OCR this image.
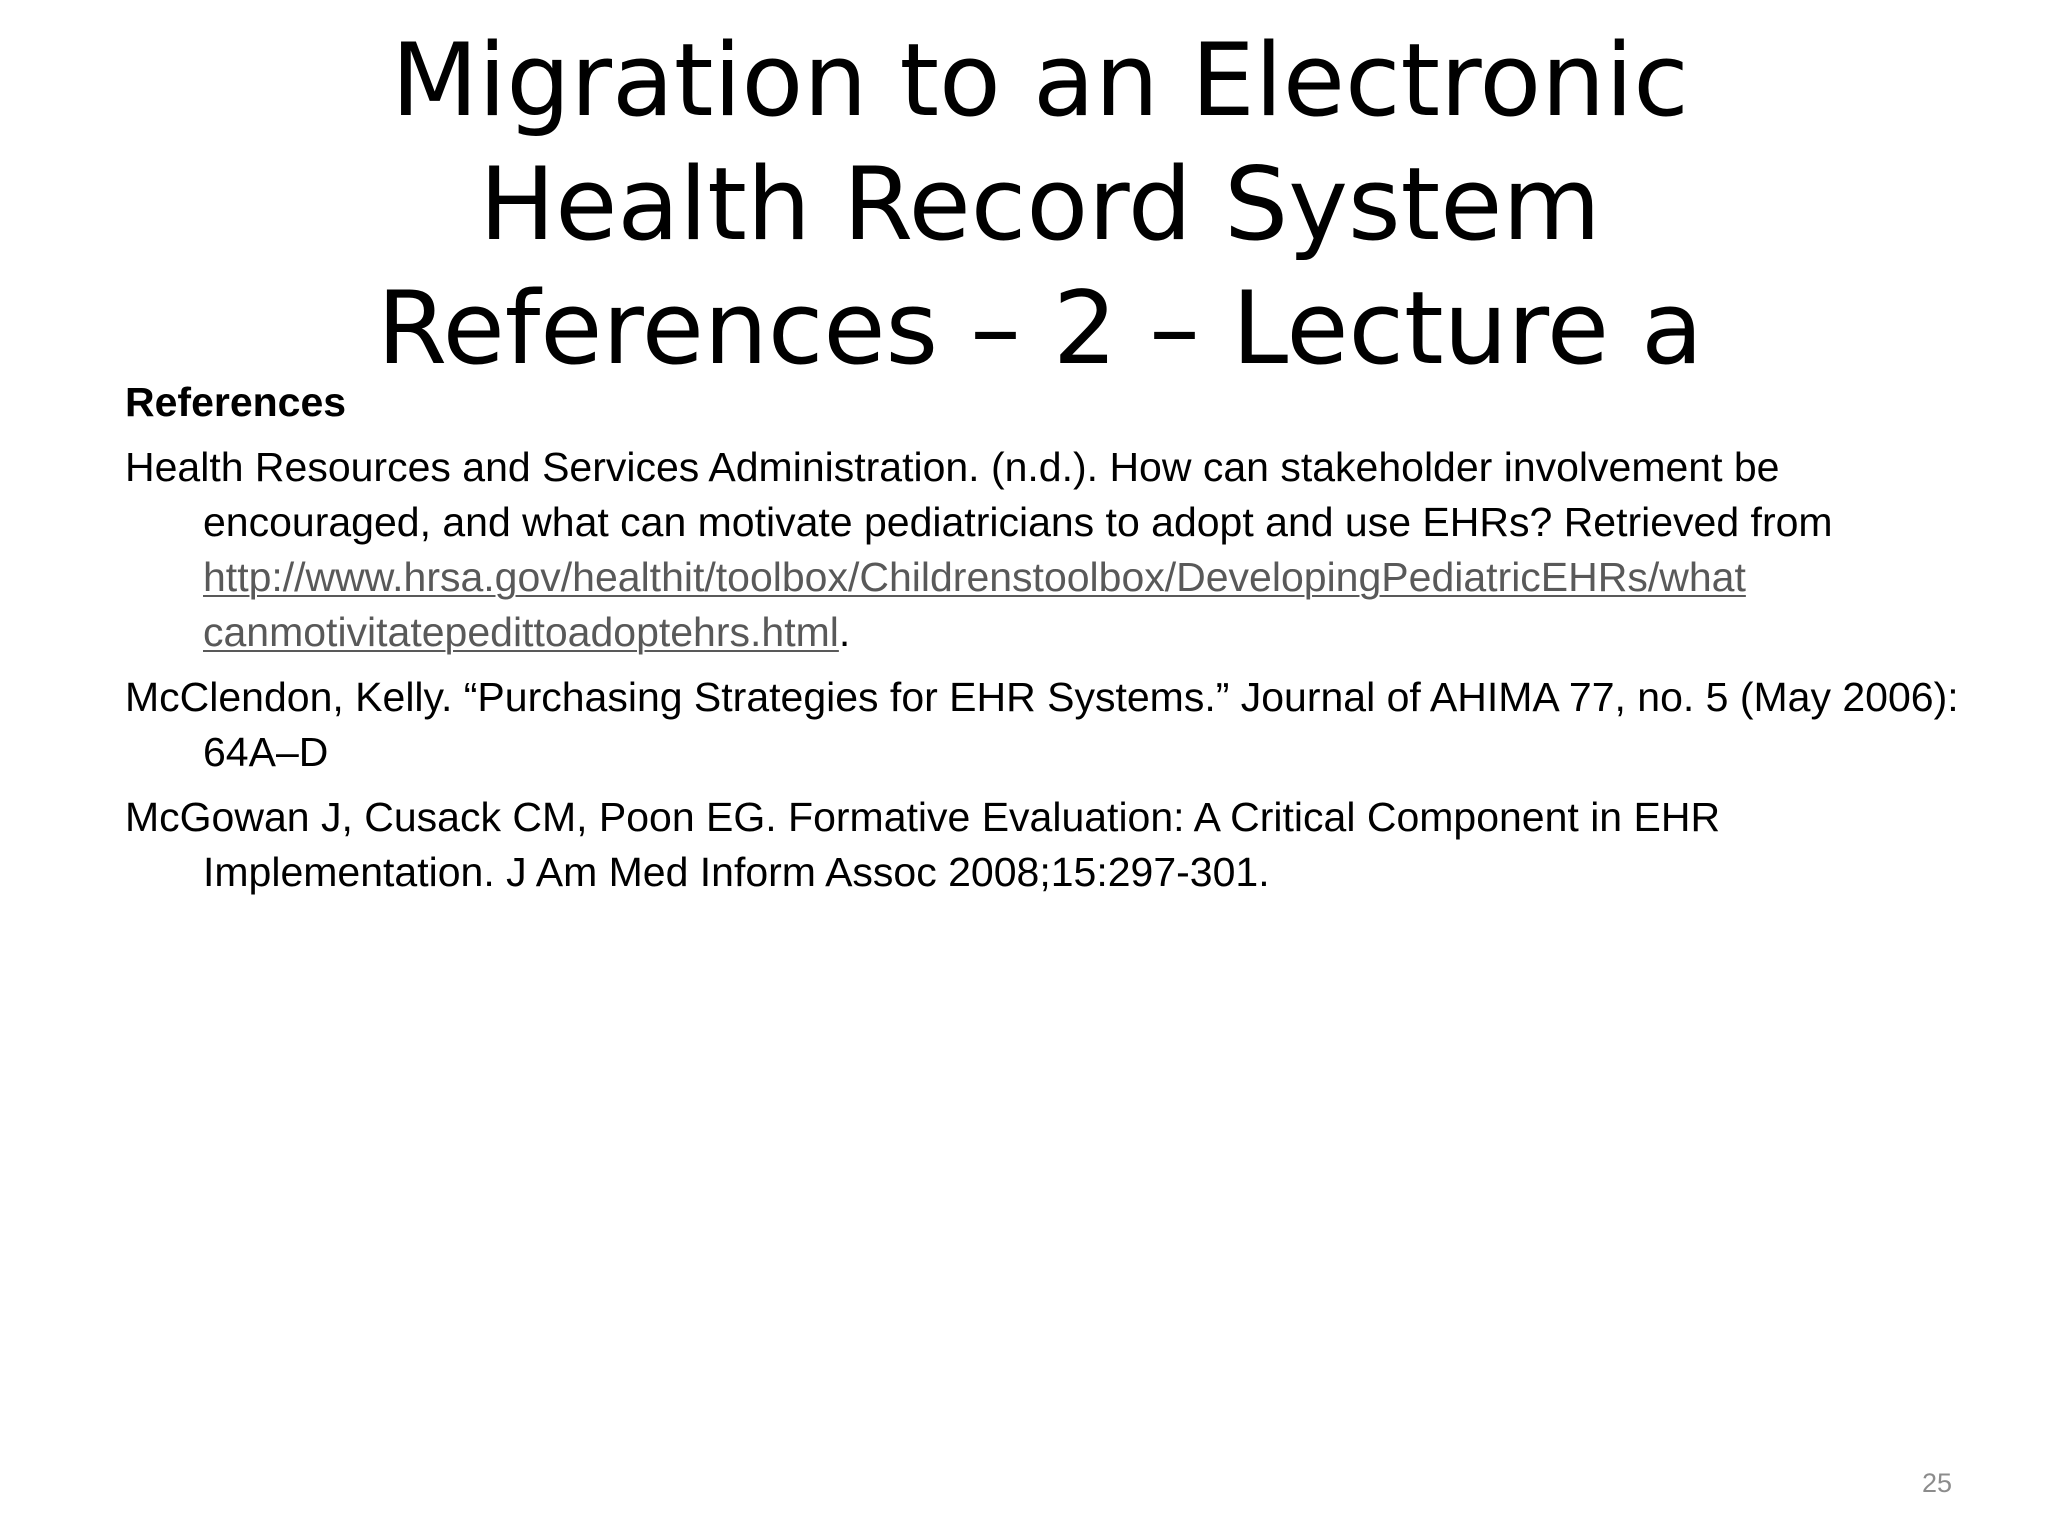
Migration to an Electronic
Health Record System
References – 2 – Lecture a
References
Health Resources and Services Administration. (n.d.). How can stakeholder involvement be encouraged, and what can motivate pediatricians to adopt and use EHRs? Retrieved from http://www.hrsa.gov/healthit/toolbox/Childrenstoolbox/DevelopingPediatricEHRs/what
canmotivitatepedittoadoptehrs.html.
McClendon, Kelly. “Purchasing Strategies for EHR Systems.” Journal of AHIMA 77, no. 5 (May 2006): 64A–D
McGowan J, Cusack CM, Poon EG. Formative Evaluation: A Critical Component in EHR Implementation. J Am Med Inform Assoc 2008;15:297-301.
25
